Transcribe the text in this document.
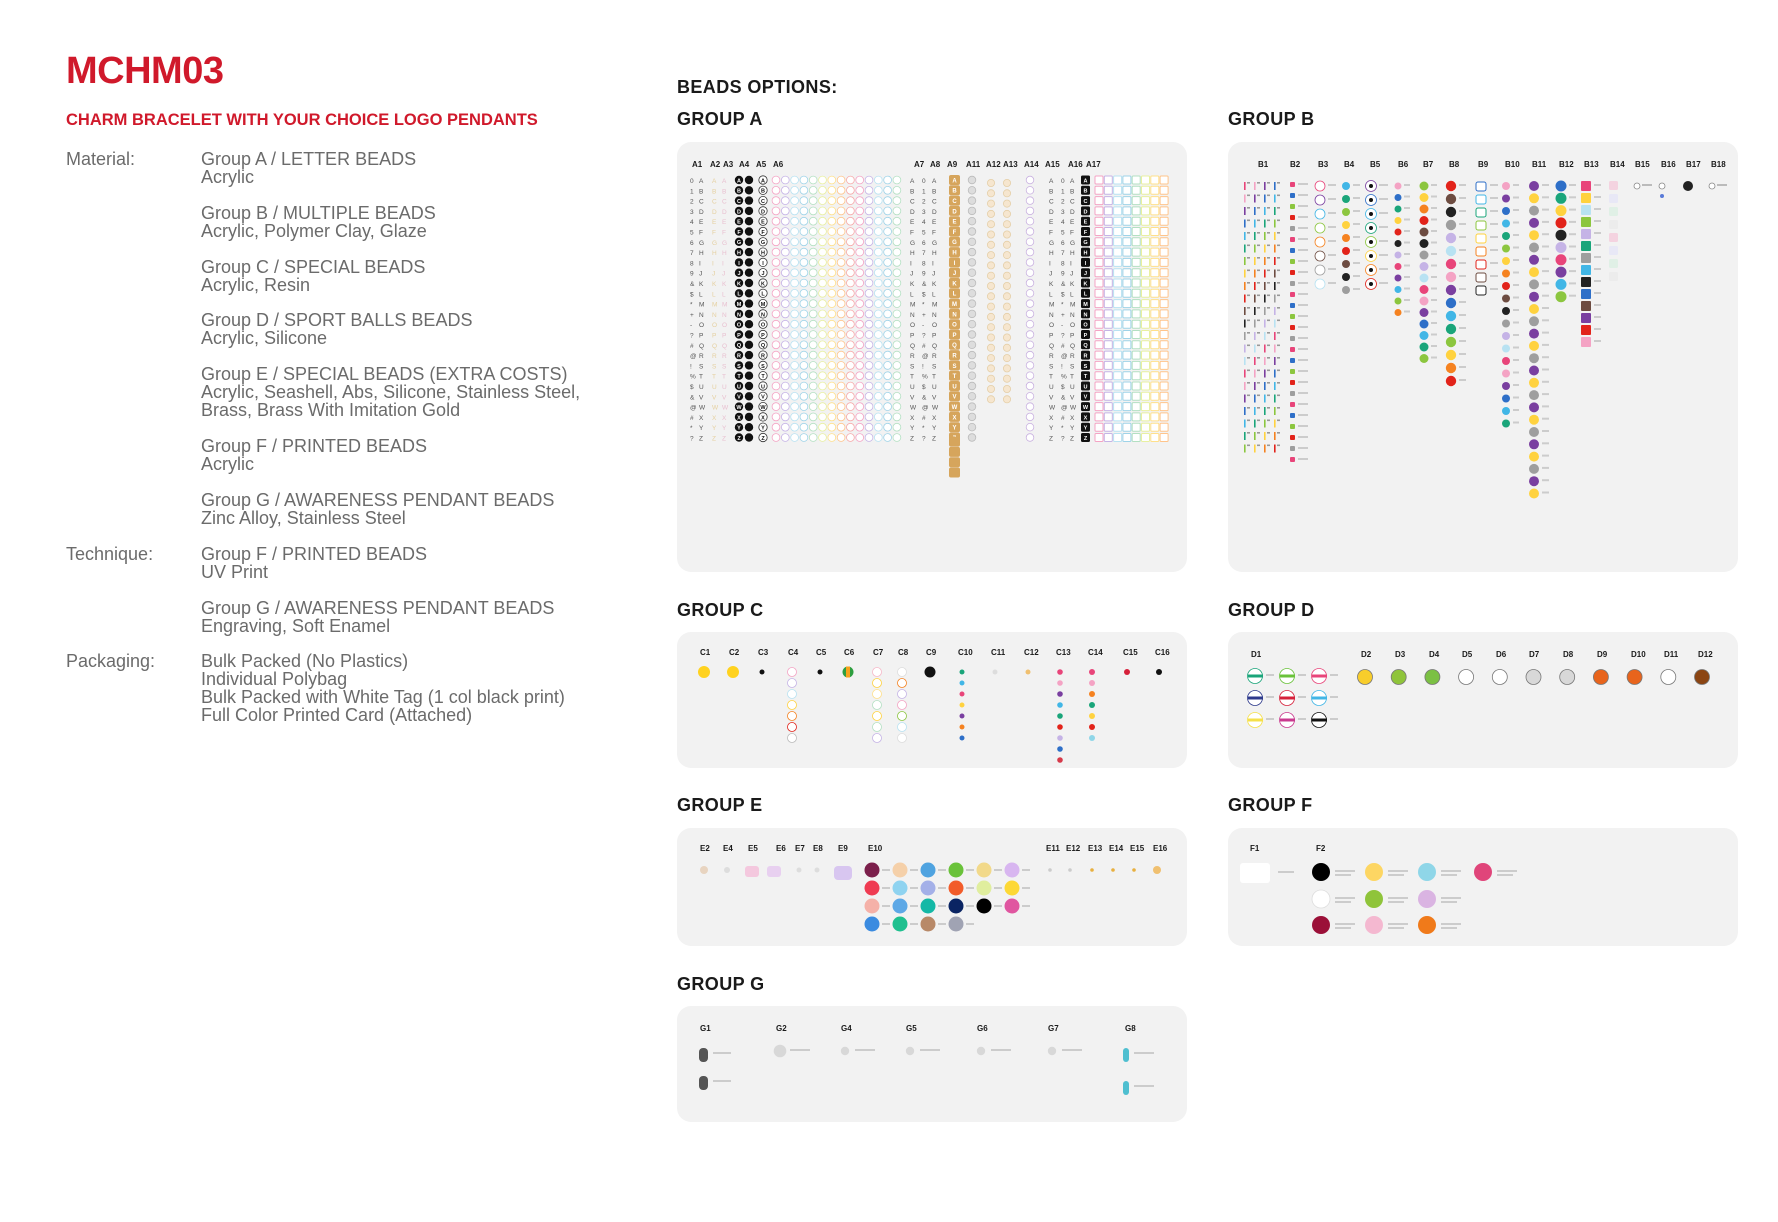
MCHM03
CHARM BRACELET WITH YOUR CHOICE LOGO PENDANTS
Material:	Group A / LETTER BEADS
Acrylic
Group B / MULTIPLE BEADS
Acrylic, Polymer Clay, Glaze
Group C / SPECIAL BEADS
Acrylic, Resin
Group D / SPORT BALLS BEADS
Acrylic, Silicone
Group E / SPECIAL BEADS (EXTRA COSTS)
Acrylic, Seashell, Abs, Silicone, Stainless Steel,
Brass, Brass With Imitation Gold
Group F / PRINTED BEADS
Acrylic
Group G / AWARENESS PENDANT BEADS
Zinc Alloy, Stainless Steel
Technique:	Group F / PRINTED BEADS
UV Print
Group G / AWARENESS PENDANT BEADS
Engraving, Soft Enamel
Packaging:	Bulk Packed (No Plastics)
Individual Polybag
Bulk Packed with White Tag (1 col black print)
Full Color Printed Card (Attached)
BEADS OPTIONS:
GROUP A
0 A A A A	A	A 0 A	A	A 0 A A
1 B B B B	B	B 1 B	B	B 1 B B
2 C C C C	C	C 2 C	C	C 2 C C
3 D D D D	D	D 3 D	D	D 3 D D
4 E E E E	E	E 4 E	E	E 4 E E
5 F F F F	F	F 5 F	F	F 5 F F
6 G G G G	G	G 6 G	G	G 6 G G
7 H H H H	H	H 7 H	H	H 7 H H
8 I I I	I	I	I 8 I	I	I 8 I I
9 J J J J	J	J 9 J	J	J 9 J J
& K K K K	K	K & K	K	K & K K
$ L L L L	L	L $ L	L	L $ L L
* M M M M	M	M * M M	M * M M
+ N N N N	N	N + N	N	N + N N
- O O O O	O	O - O	O	O - O O
? P P P P	P	P ? P	P	P ? P P
# Q Q Q Q	Q	Q # Q	Q	Q # Q Q
@ R R R R	R	R @ R	R	R @ R R
! S S S S	S	S ! S	S	S ! S S
% T T T T	T	T % T	T	T % T T
$ U U U U	U	U $ U	U	U $ U U
& V V V V	V	V & V	V	V & V V
@ W W W W	W	W @ W W	W @ W W
# X X X X	X	X # X	X	X # X X
* Y Y Y Y	Y	Y * Y	Y	Y * Y Y
? Z Z Z Z	Z	Z ? Z	Z ? Z Z
A1 A2 A3 A4 A5 A6	A7 A8 A9 A11 A12 A13 A14 A15 A16 A17
GROUP B
B1	B2 B3 B4 B5 B6 B7 B8 B9 B10 B11 B12 B13 B14 B15 B16 B17 B18
GROUP C
C1 C2 C3 C4 C5 C6 C7 C8 C9	C10 C11 C12 C13 C14	C15 C16
GROUP D
D1	D2	D3	D4	D5	D6	D7	D8	D9	D10 D11 D12
GROUP E
E2 E4 E5 E6 E7 E8 E9	E10	E11 E12 E13 E14 E15 E16
GROUP F
F1	F2
GROUP G
G1	G2	G4	G5	G6	G7	G8
